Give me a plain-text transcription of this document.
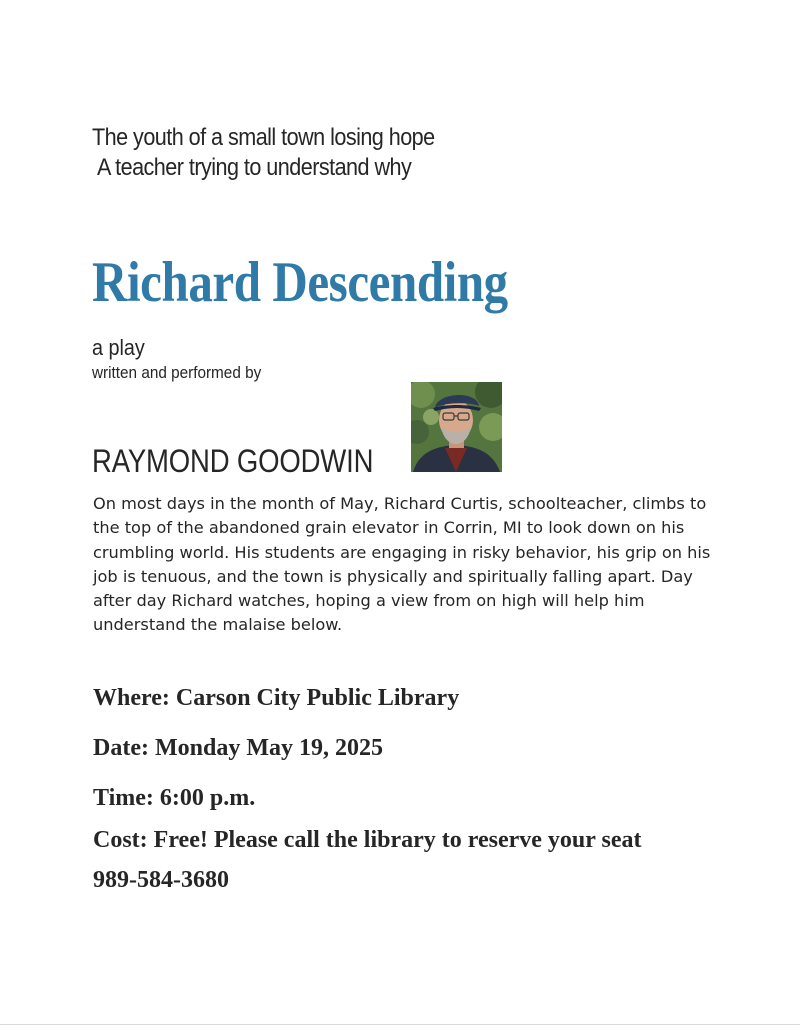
The youth of a small town losing hope
A teacher trying to understand why
Richard Descending
a play
written and performed by
RAYMOND GOODWIN

On most days in the month of May, Richard Curtis, schoolteacher, climbs to the top of the abandoned grain elevator in Corrin, MI to look down on his crumbling world. His students are engaging in risky behavior, his grip on his job is tenuous, and the town is physically and spiritually falling apart. Day after day Richard watches, hoping a view from on high will help him understand the malaise below.

Where: Carson City Public Library
Date: Monday May 19, 2025
Time: 6:00 p.m.
Cost: Free! Please call the library to reserve your seat
989-584-3680
